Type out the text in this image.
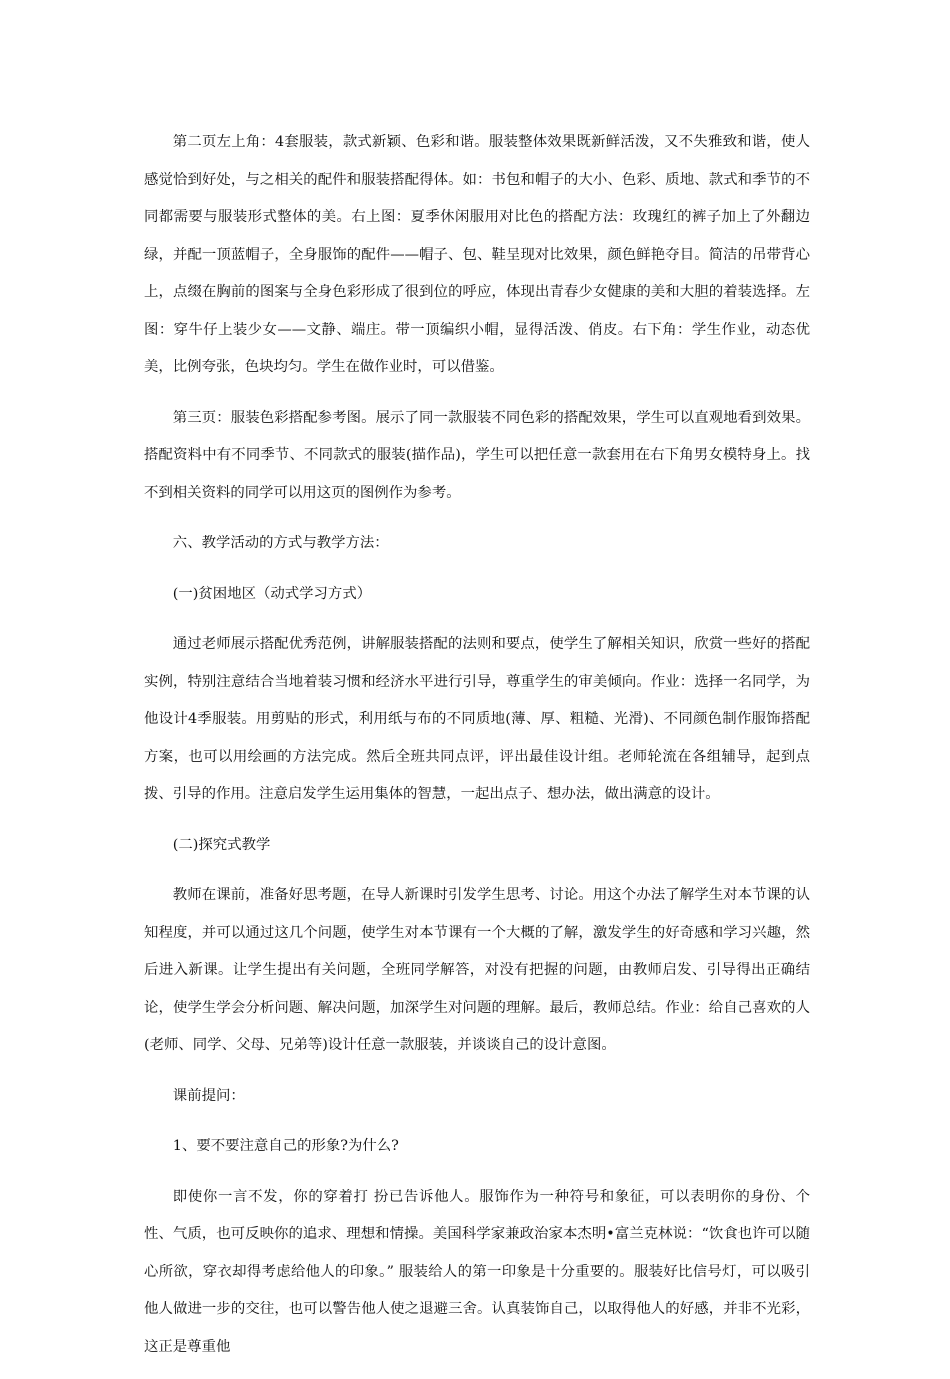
第二页左上角：4套服装，款式新颖、色彩和谐。服装整体效果既新鲜活泼，又不失雅致和谐，使人感觉恰到好处，与之相关的配件和服装搭配得体。如：书包和帽子的大小、色彩、质地、款式和季节的不同都需要与服装形式整体的美。右上图：夏季休闲服用对比色的搭配方法：玫瑰红的裤子加上了外翻边绿，并配一顶蓝帽子，全身服饰的配件——帽子、包、鞋呈现对比效果，颜色鲜艳夺目。简洁的吊带背心上，点缀在胸前的图案与全身色彩形成了很到位的呼应，体现出青春少女健康的美和大胆的着装选择。左图：穿牛仔上装少女——文静、端庄。带一顶编织小帽，显得活泼、俏皮。右下角：学生作业，动态优美，比例夸张，色块均匀。学生在做作业时，可以借鉴。

第三页：服装色彩搭配参考图。展示了同一款服装不同色彩的搭配效果，学生可以直观地看到效果。搭配资料中有不同季节、不同款式的服装(描作品)，学生可以把任意一款套用在右下角男女模特身上。找不到相关资料的同学可以用这页的图例作为参考。

六、教学活动的方式与教学方法：

(一)贫困地区（动式学习方式）

通过老师展示搭配优秀范例，讲解服装搭配的法则和要点，使学生了解相关知识，欣赏一些好的搭配实例，特别注意结合当地着装习惯和经济水平进行引导，尊重学生的审美倾向。作业：选择一名同学，为他设计4季服装。用剪贴的形式，利用纸与布的不同质地(薄、厚、粗糙、光滑)、不同颜色制作服饰搭配方案，也可以用绘画的方法完成。然后全班共同点评，评出最佳设计组。老师轮流在各组辅导，起到点拨、引导的作用。注意启发学生运用集体的智慧，一起出点子、想办法，做出满意的设计。

(二)探究式教学

教师在课前，准备好思考题，在导人新课时引发学生思考、讨论。用这个办法了解学生对本节课的认知程度，并可以通过这几个问题，使学生对本节课有一个大概的了解，激发学生的好奇感和学习兴趣，然后进入新课。让学生提出有关问题，全班同学解答，对没有把握的问题，由教师启发、引导得出正确结论，使学生学会分析问题、解决问题，加深学生对问题的理解。最后，教师总结。作业：给自己喜欢的人(老师、同学、父母、兄弟等)设计任意一款服装，并谈谈自己的设计意图。

课前提问：

1、要不要注意自己的形象?为什么?

即使你一言不发，你的穿着打 扮已告诉他人。服饰作为一种符号和象征，可以表明你的身份、个性、气质，也可反映你的追求、理想和情操。美国科学家兼政治家本杰明•富兰克林说：“饮食也许可以随心所欲，穿衣却得考虑给他人的印象。” 服装给人的第一印象是十分重要的。服装好比信号灯，可以吸引他人做进一步的交往，也可以警告他人使之退避三舍。认真装饰自己，以取得他人的好感，并非不光彩，这正是尊重他
